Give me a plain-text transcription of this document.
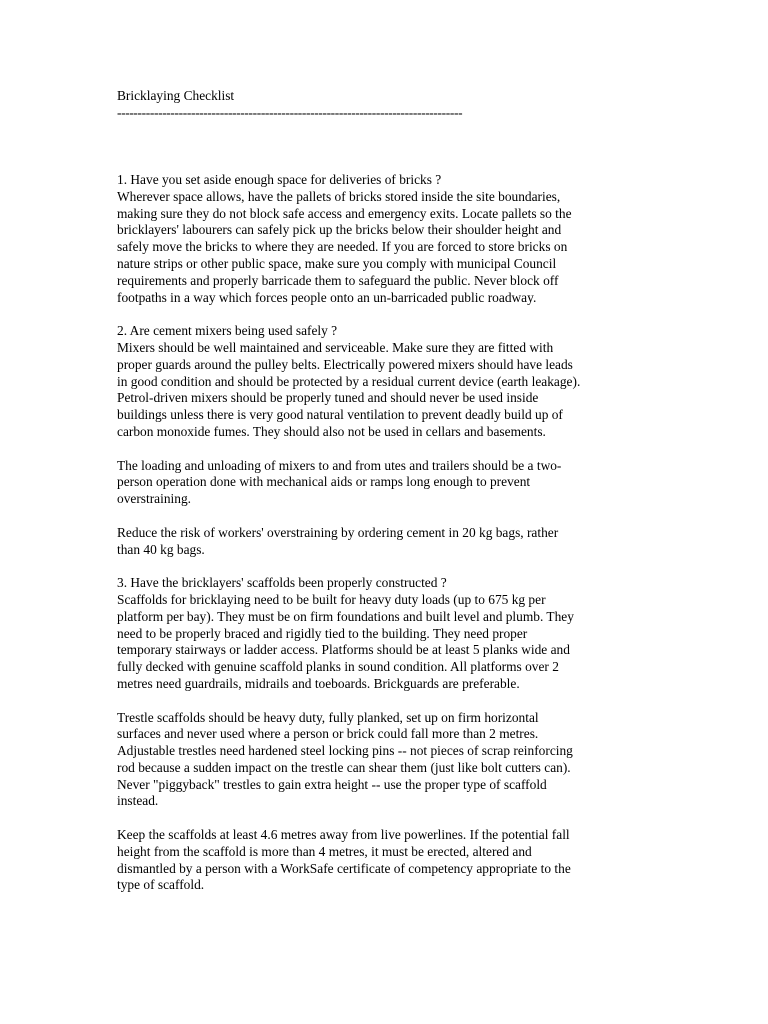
Bricklaying Checklist
------------------------------------------------------------------------------------

1. Have you set aside enough space for deliveries of bricks ?
Wherever space allows, have the pallets of bricks stored inside the site boundaries,
making sure they do not block safe access and emergency exits. Locate pallets so the
bricklayers' labourers can safely pick up the bricks below their shoulder height and
safely move the bricks to where they are needed. If you are forced to store bricks on
nature strips or other public space, make sure you comply with municipal Council
requirements and properly barricade them to safeguard the public. Never block off
footpaths in a way which forces people onto an un-barricaded public roadway.

2. Are cement mixers being used safely ?
Mixers should be well maintained and serviceable. Make sure they are fitted with
proper guards around the pulley belts. Electrically powered mixers should have leads
in good condition and should be protected by a residual current device (earth leakage).
Petrol-driven mixers should be properly tuned and should never be used inside
buildings unless there is very good natural ventilation to prevent deadly build up of
carbon monoxide fumes. They should also not be used in cellars and basements.

The loading and unloading of mixers to and from utes and trailers should be a two-
person operation done with mechanical aids or ramps long enough to prevent
overstraining.

Reduce the risk of workers' overstraining by ordering cement in 20 kg bags, rather
than 40 kg bags.

3. Have the bricklayers' scaffolds been properly constructed ?
Scaffolds for bricklaying need to be built for heavy duty loads (up to 675 kg per
platform per bay). They must be on firm foundations and built level and plumb. They
need to be properly braced and rigidly tied to the building. They need proper
temporary stairways or ladder access. Platforms should be at least 5 planks wide and
fully decked with genuine scaffold planks in sound condition. All platforms over 2
metres need guardrails, midrails and toeboards. Brickguards are preferable.

Trestle scaffolds should be heavy duty, fully planked, set up on firm horizontal
surfaces and never used where a person or brick could fall more than 2 metres.
Adjustable trestles need hardened steel locking pins -- not pieces of scrap reinforcing
rod because a sudden impact on the trestle can shear them (just like bolt cutters can).
Never "piggyback" trestles to gain extra height -- use the proper type of scaffold
instead.

Keep the scaffolds at least 4.6 metres away from live powerlines. If the potential fall
height from the scaffold is more than 4 metres, it must be erected, altered and
dismantled by a person with a WorkSafe certificate of competency appropriate to the
type of scaffold.
